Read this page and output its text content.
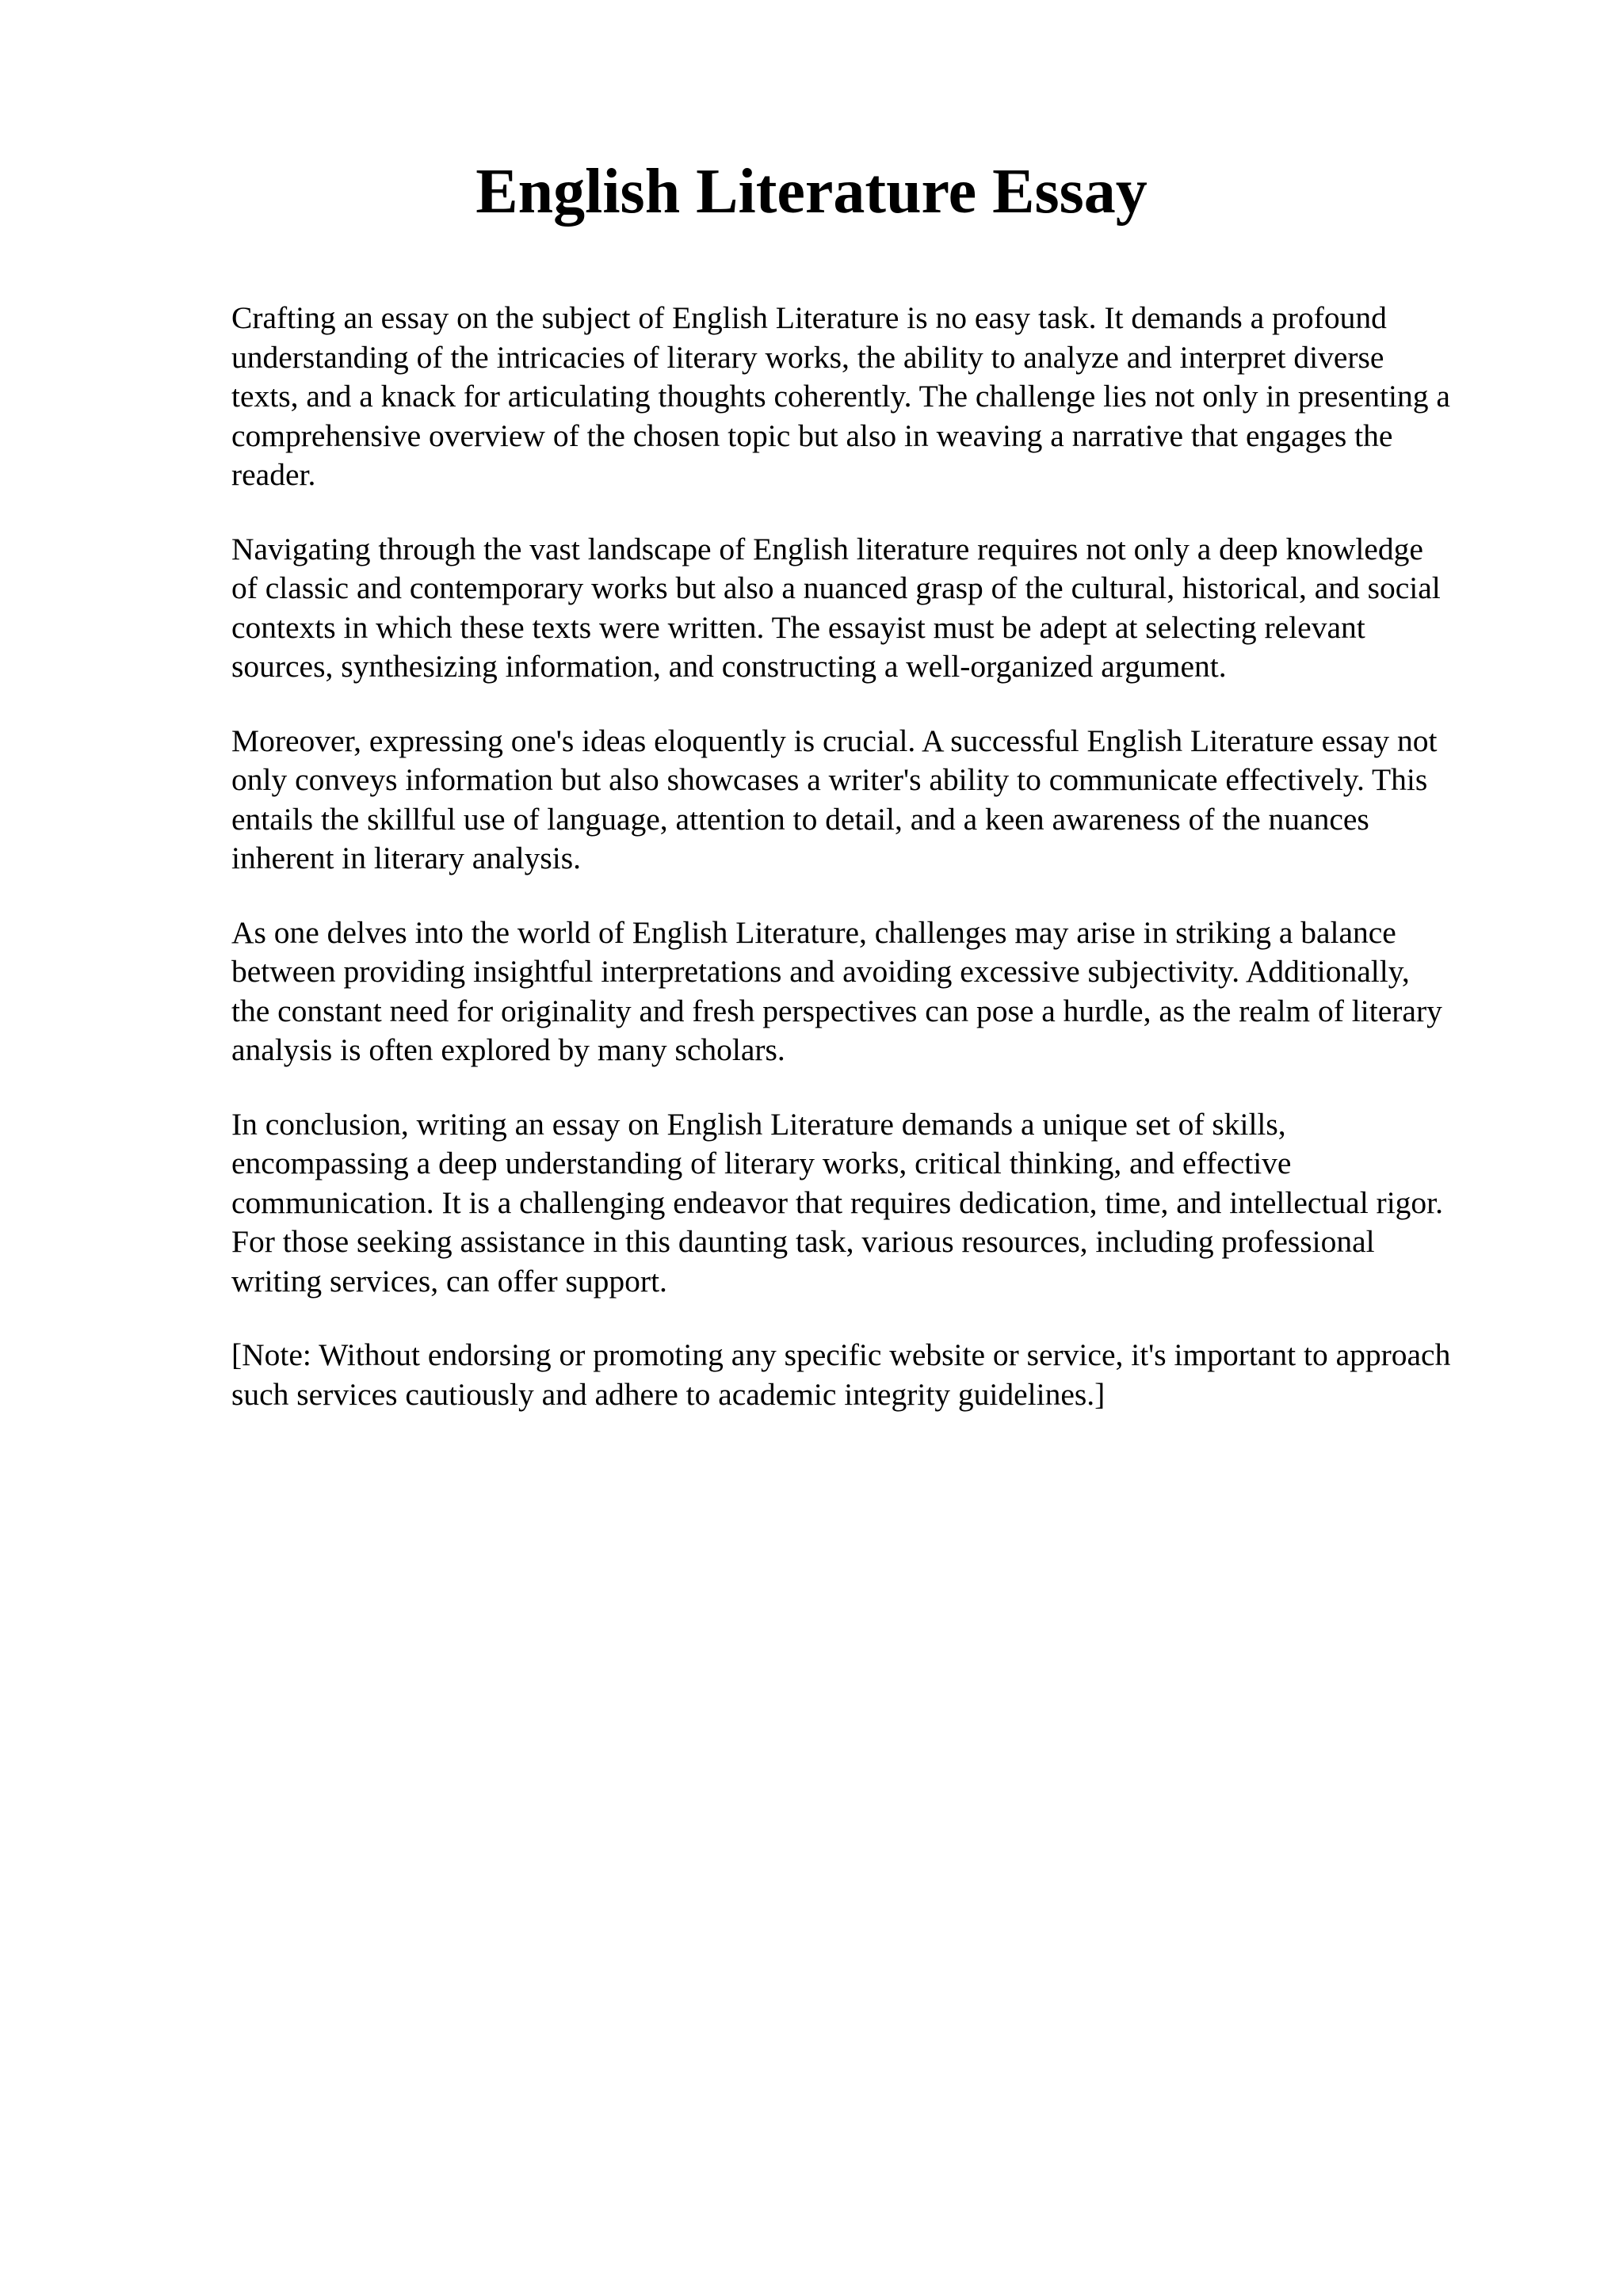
English Literature Essay

Crafting an essay on the subject of English Literature is no easy task. It demands a profound
understanding of the intricacies of literary works, the ability to analyze and interpret diverse
texts, and a knack for articulating thoughts coherently. The challenge lies not only in presenting a
comprehensive overview of the chosen topic but also in weaving a narrative that engages the
reader.

Navigating through the vast landscape of English literature requires not only a deep knowledge
of classic and contemporary works but also a nuanced grasp of the cultural, historical, and social
contexts in which these texts were written. The essayist must be adept at selecting relevant
sources, synthesizing information, and constructing a well-organized argument.

Moreover, expressing one's ideas eloquently is crucial. A successful English Literature essay not
only conveys information but also showcases a writer's ability to communicate effectively. This
entails the skillful use of language, attention to detail, and a keen awareness of the nuances
inherent in literary analysis.

As one delves into the world of English Literature, challenges may arise in striking a balance
between providing insightful interpretations and avoiding excessive subjectivity. Additionally,
the constant need for originality and fresh perspectives can pose a hurdle, as the realm of literary
analysis is often explored by many scholars.

In conclusion, writing an essay on English Literature demands a unique set of skills,
encompassing a deep understanding of literary works, critical thinking, and effective
communication. It is a challenging endeavor that requires dedication, time, and intellectual rigor.
For those seeking assistance in this daunting task, various resources, including professional
writing services, can offer support.

[Note: Without endorsing or promoting any specific website or service, it's important to approach
such services cautiously and adhere to academic integrity guidelines.]
